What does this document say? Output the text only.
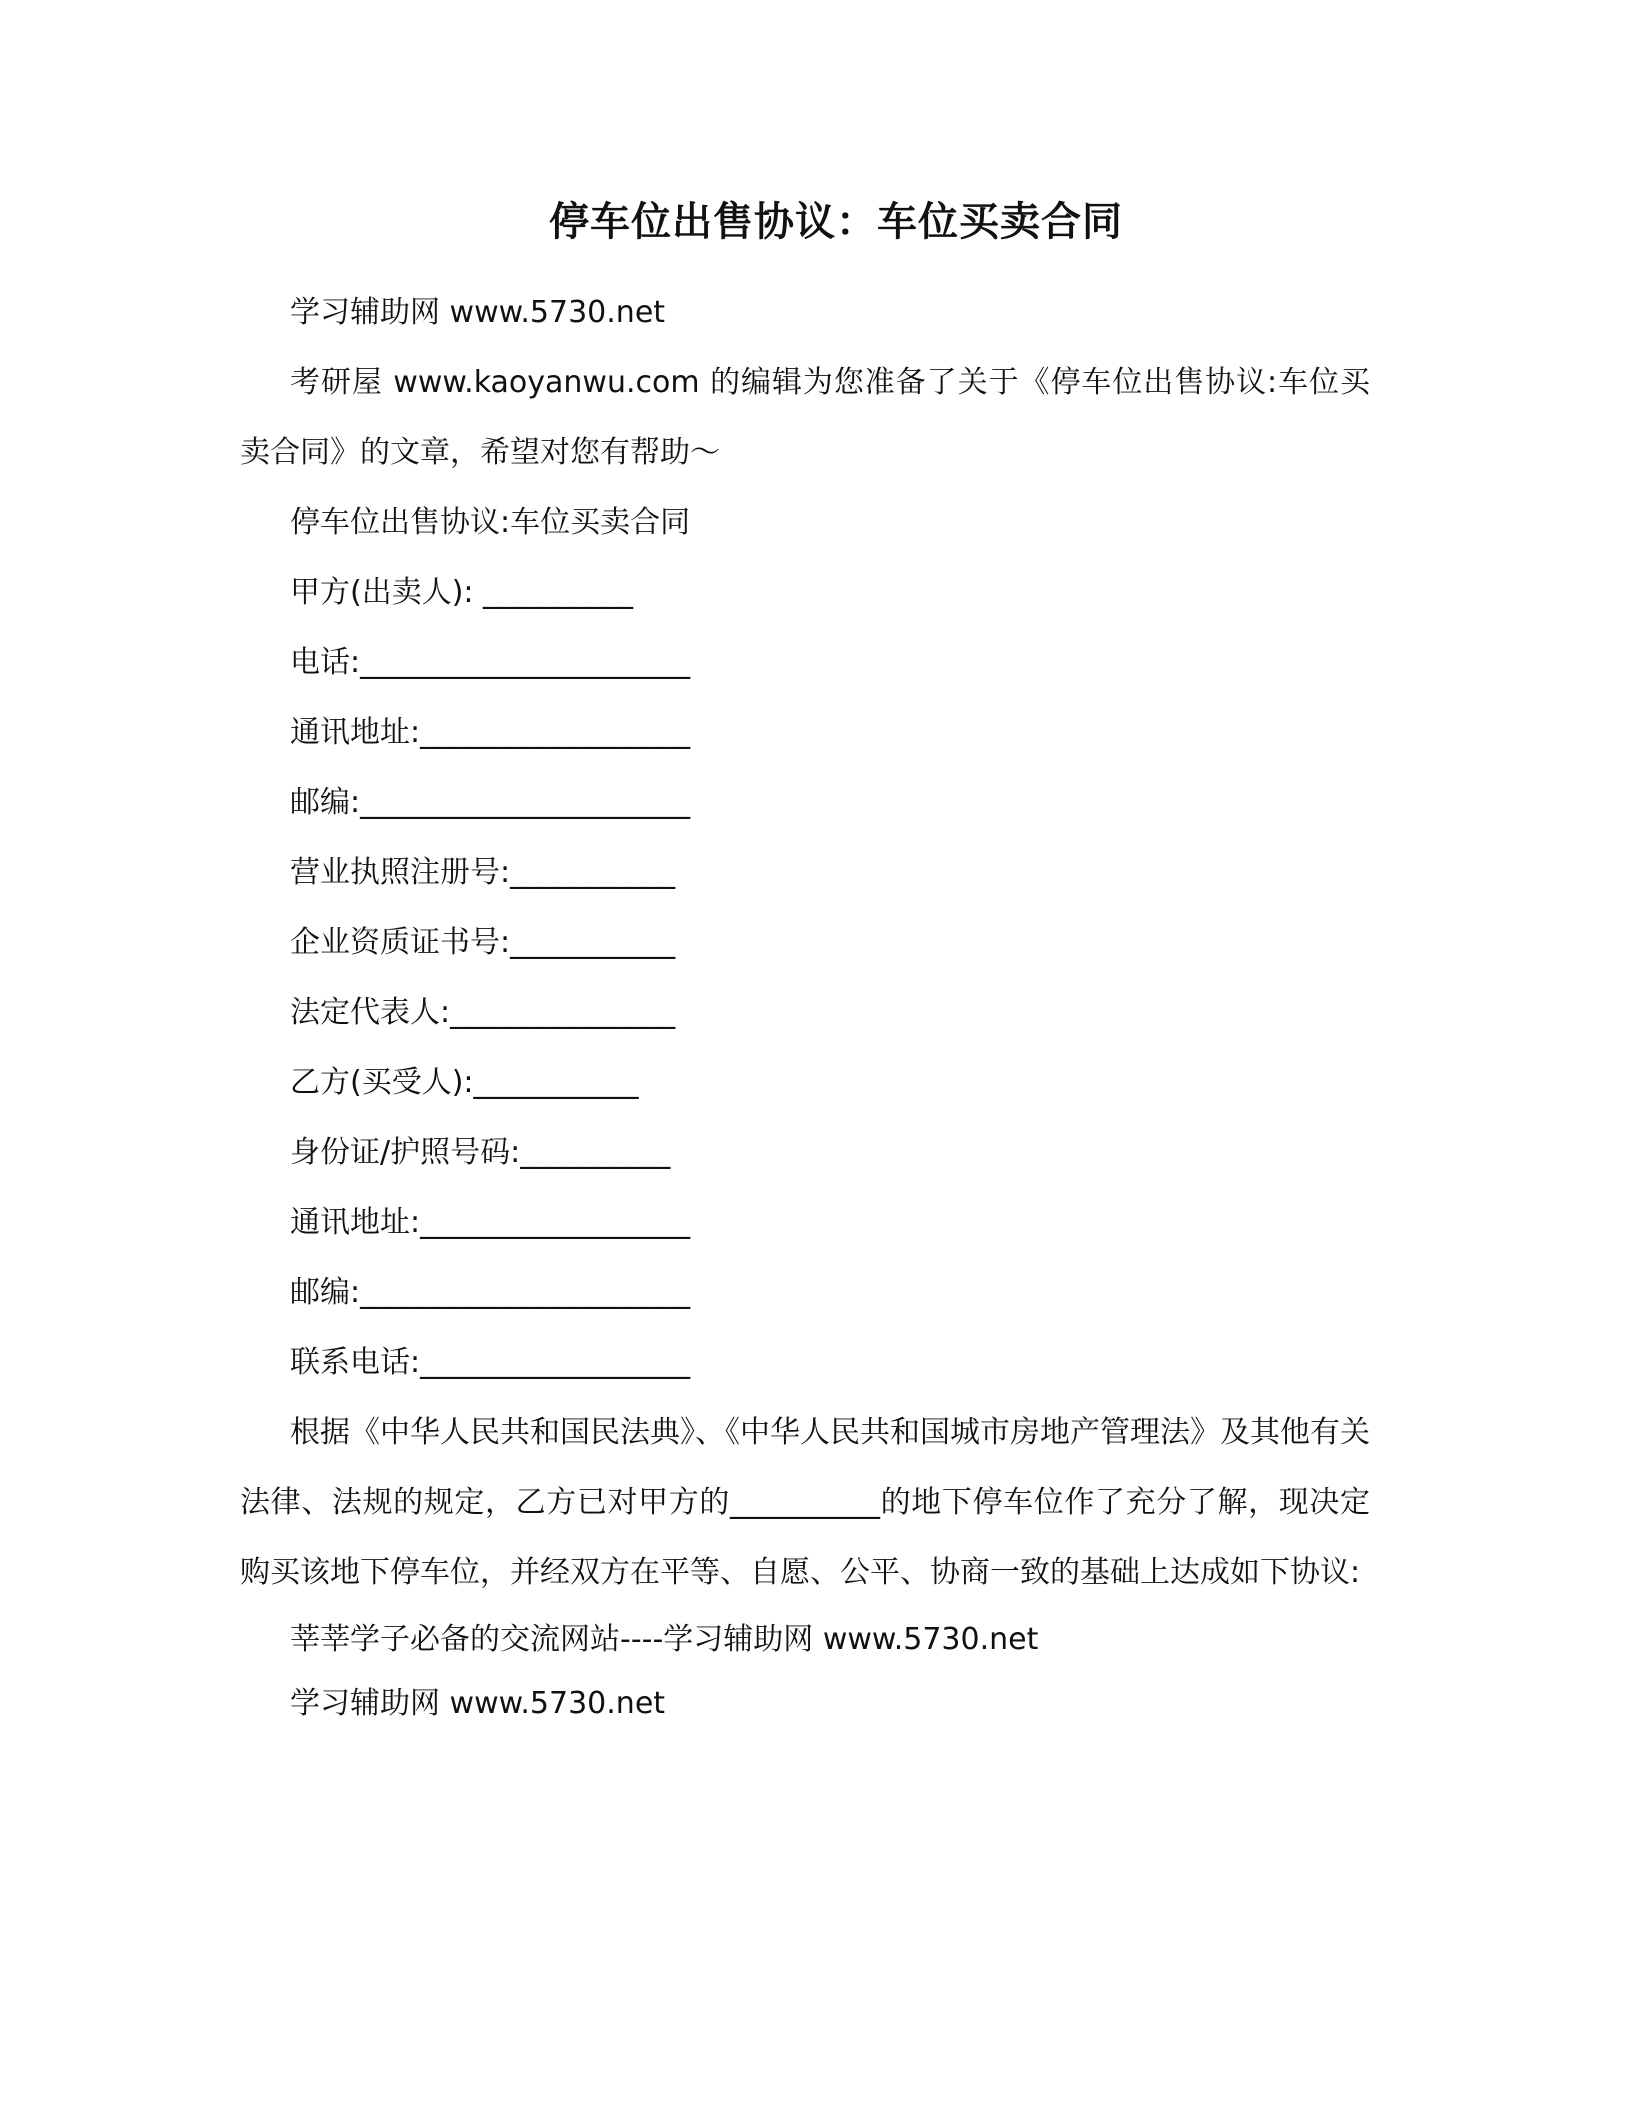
停车位出售协议：车位买卖合同
学习辅助网 www.5730.net
考研屋 www.kaoyanwu.com 的编辑为您准备了关于《停车位出售协议:车位买卖合同》的文章，希望对您有帮助～
停车位出售协议:车位买卖合同
甲方(出卖人): __________
电话:______________________
通讯地址:__________________
邮编:______________________
营业执照注册号:___________
企业资质证书号:___________
法定代表人:_______________
乙方(买受人):___________
身份证/护照号码:__________
通讯地址:__________________
邮编:______________________
联系电话:__________________
根据《中华人民共和国民法典》、《中华人民共和国城市房地产管理法》及其他有关法律、法规的规定，乙方已对甲方的__________的地下停车位作了充分了解，现决定购买该地下停车位，并经双方在平等、自愿、公平、协商一致的基础上达成如下协议:
莘莘学子必备的交流网站----学习辅助网 www.5730.net
学习辅助网 www.5730.net
